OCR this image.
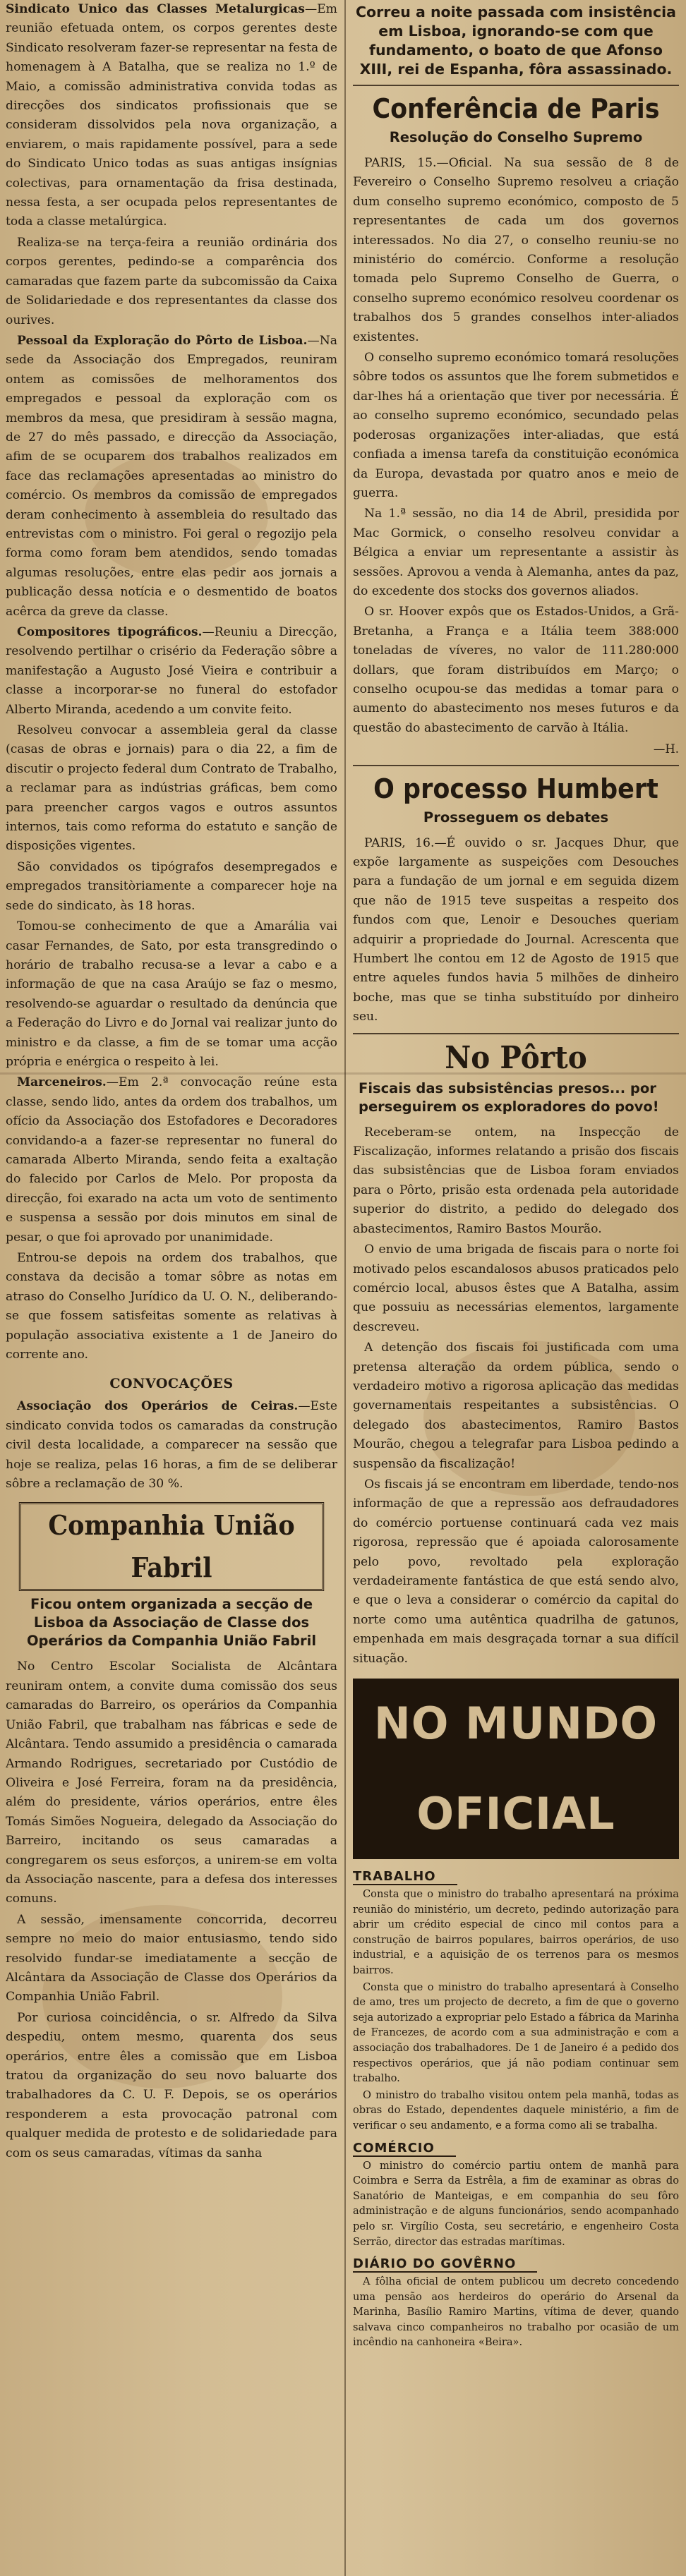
Sindicato Unico das Classes Metalurgicas—Em reunião efetuada ontem, os corpos gerentes deste Sindicato resolveram fazer-se representar na festa de homenagem à A Batalha, que se realiza no 1.º de Maio, a comissão administrativa convida todas as direcções dos sindicatos profissionais que se consideram dissolvidos pela nova organização, a enviarem, o mais rapidamente possível, para a sede do Sindicato Unico todas as suas antigas insígnias colectivas, para ornamentação da frisa destinada, nessa festa, a ser ocupada pelos representantes de toda a classe metalúrgica.

Realiza-se na terça-feira a reunião ordinária dos corpos gerentes, pedindo-se a comparência dos camaradas que fazem parte da subcomissão da Caixa de Solidariedade e dos representantes da classe dos ourives.

Pessoal da Exploração do Pôrto de Lisboa.—Na sede da Associação dos Empregados, reuniram ontem as comissões de melhoramentos dos empregados e pessoal da exploração com os membros da mesa, que presidiram à sessão magna, de 27 do mês passado, e direcção da Associação, afim de se ocuparem dos trabalhos realizados em face das reclamações apresentadas ao ministro do comércio. Os membros da comissão de empregados deram conhecimento à assembleia do resultado das entrevistas com o ministro. Foi geral o regozijo pela forma como foram bem atendidos, sendo tomadas algumas resoluções, entre elas pedir aos jornais a publicação dessa notícia e o desmentido de boatos acêrca da greve da classe.

Compositores tipográficos.—Reuniu a Direcção, resolvendo pertilhar o crisério da Federação sôbre a manifestação a Augusto José Vieira e contribuir a classe a incorporar-se no funeral do estofador Alberto Miranda, acedendo a um convite feito.

Resolveu convocar a assembleia geral da classe (casas de obras e jornais) para o dia 22, a fim de discutir o projecto federal dum Contrato de Trabalho, a reclamar para as indústrias gráficas, bem como para preencher cargos vagos e outros assuntos internos, tais como reforma do estatuto e sanção de disposições vigentes.

São convidados os tipógrafos desempregados e empregados transitòriamente a comparecer hoje na sede do sindicato, às 18 horas.

Tomou-se conhecimento de que a Amarália vai casar Fernandes, de Sato, por esta transgredindo o horário de trabalho recusa-se a levar a cabo e a informação de que na casa Araújo se faz o mesmo, resolvendo-se aguardar o resultado da denúncia que a Federação do Livro e do Jornal vai realizar junto do ministro e da classe, a fim de se tomar uma acção própria e enérgica o respeito à lei.

Marceneiros.—Em 2.ª convocação reúne esta classe, sendo lido, antes da ordem dos trabalhos, um ofício da Associação dos Estofadores e Decoradores convidando-a a fazer-se representar no funeral do camarada Alberto Miranda, sendo feita a exaltação do falecido por Carlos de Melo. Por proposta da direcção, foi exarado na acta um voto de sentimento e suspensa a sessão por dois minutos em sinal de pesar, o que foi aprovado por unanimidade.

Entrou-se depois na ordem dos trabalhos, que constava da decisão a tomar sôbre as notas em atraso do Conselho Jurídico da U. O. N., deliberando-se que fossem satisfeitas somente as relativas à população associativa existente a 1 de Janeiro do corrente ano.

CONVOCAÇÕES

Associação dos Operários de Ceiras.—Este sindicato convida todos os camaradas da construção civil desta localidade, a comparecer na sessão que hoje se realiza, pelas 16 horas, a fim de se deliberar sôbre a reclamação de 30 %.

Companhia União Fabril
Ficou ontem organizada a secção de Lisboa da Associação de Classe dos Operários da Companhia União Fabril

No Centro Escolar Socialista de Alcântara reuniram ontem, a convite duma comissão dos seus camaradas do Barreiro, os operários da Companhia União Fabril, que trabalham nas fábricas e sede de Alcântara. Tendo assumido a presidência o camarada Armando Rodrigues, secretariado por Custódio de Oliveira e José Ferreira, foram na da presidência, além do presidente, vários operários, entre êles Tomás Simões Nogueira, delegado da Associação do Barreiro, incitando os seus camaradas a congregarem os seus esforços, a unirem-se em volta da Associação nascente, para a defesa dos interesses comuns.

A sessão, imensamente concorrida, decorreu sempre no meio do maior entusiasmo, tendo sido resolvido fundar-se imediatamente a secção de Alcântara da Associação de Classe dos Operários da Companhia União Fabril.

Por curiosa coincidência, o sr. Alfredo da Silva despediu, ontem mesmo, quarenta dos seus operários, entre êles a comissão que em Lisboa tratou da organização do seu novo baluarte dos trabalhadores da C. U. F. Depois, se os operários responderem a esta provocação patronal com qualquer medida de protesto e de solidariedade para com os seus camaradas, vítimas da sanha

Correu a noite passada com insistência em Lisboa, ignorando-se com que fundamento, o boato de que Afonso XIII, rei de Espanha, fôra assassinado.
Conferência de Paris
Resolução do Conselho Supremo

PARIS, 15.—Oficial. Na sua sessão de 8 de Fevereiro o Conselho Supremo resolveu a criação dum conselho supremo económico, composto de 5 representantes de cada um dos governos interessados. No dia 27, o conselho reuniu-se no ministério do comércio. Conforme a resolução tomada pelo Supremo Conselho de Guerra, o conselho supremo económico resolveu coordenar os trabalhos dos 5 grandes conselhos inter-aliados existentes.

O conselho supremo económico tomará resoluções sôbre todos os assuntos que lhe forem submetidos e dar-lhes há a orientação que tiver por necessária. É ao conselho supremo económico, secundado pelas poderosas organizações inter-aliadas, que está confiada a imensa tarefa da constituição económica da Europa, devastada por quatro anos e meio de guerra.

Na 1.ª sessão, no dia 14 de Abril, presidida por Mac Gormick, o conselho resolveu convidar a Bélgica a enviar um representante a assistir às sessões. Aprovou a venda à Alemanha, antes da paz, do excedente dos stocks dos governos aliados.

O sr. Hoover expôs que os Estados-Unidos, a Grã-Bretanha, a França e a Itália teem 388:000 toneladas de víveres, no valor de 111.280:000 dollars, que foram distribuídos em Março; o conselho ocupou-se das medidas a tomar para o aumento do abastecimento nos meses futuros e da questão do abastecimento de carvão à Itália.

—H.

O processo Humbert
Prosseguem os debates

PARIS, 16.—É ouvido o sr. Jacques Dhur, que expõe largamente as suspeições com Desouches para a fundação de um jornal e em seguida dizem que não de 1915 teve suspeitas a respeito dos fundos com que, Lenoir e Desouches queriam adquirir a propriedade do Journal. Acrescenta que Humbert lhe contou em 12 de Agosto de 1915 que entre aqueles fundos havia 5 milhões de dinheiro boche, mas que se tinha substituído por dinheiro seu.

No Pôrto
Fiscais das subsistências presos... por perseguirem os exploradores do povo!

Receberam-se ontem, na Inspecção de Fiscalização, informes relatando a prisão dos fiscais das subsistências que de Lisboa foram enviados para o Pôrto, prisão esta ordenada pela autoridade superior do distrito, a pedido do delegado dos abastecimentos, Ramiro Bastos Mourão.

O envio de uma brigada de fiscais para o norte foi motivado pelos escandalosos abusos praticados pelo comércio local, abusos êstes que A Batalha, assim que possuiu as necessárias elementos, largamente descreveu.

A detenção dos fiscais foi justificada com uma pretensa alteração da ordem pública, sendo o verdadeiro motivo a rigorosa aplicação das medidas governamentais respeitantes a subsistências. O delegado dos abastecimentos, Ramiro Bastos Mourão, chegou a telegrafar para Lisboa pedindo a suspensão da fiscalização!

Os fiscais já se encontram em liberdade, tendo-nos informação de que a repressão aos defraudadores do comércio portuense continuará cada vez mais rigorosa, repressão que é apoiada calorosamente pelo povo, revoltado pela exploração verdadeiramente fantástica de que está sendo alvo, e que o leva a considerar o comércio da capital do norte como uma autêntica quadrilha de gatunos, empenhada em mais desgraçada tornar a sua difícil situação.

NO MUNDO OFICIAL
TRABALHO

Consta que o ministro do trabalho apresentará na próxima reunião do ministério, um decreto, pedindo autorização para abrir um crédito especial de cinco mil contos para a construção de bairros populares, bairros operários, de uso industrial, e a aquisição de os terrenos para os mesmos bairros.

Consta que o ministro do trabalho apresentará à Conselho de amo, tres um projecto de decreto, a fim de que o governo seja autorizado a expropriar pelo Estado a fábrica da Marinha de Francezes, de acordo com a sua administração e com a associação dos trabalhadores. De 1 de Janeiro é a pedido dos respectivos operários, que já não podiam continuar sem trabalho.

O ministro do trabalho visitou ontem pela manhã, todas as obras do Estado, dependentes daquele ministério, a fim de verificar o seu andamento, e a forma como ali se trabalha.

COMÉRCIO

O ministro do comércio partiu ontem de manhã para Coimbra e Serra da Estrêla, a fim de examinar as obras do Sanatório de Manteigas, e em companhia do seu fôro administração e de alguns funcionários, sendo acompanhado pelo sr. Virgílio Costa, seu secretário, e engenheiro Costa Serrão, director das estradas marítimas.

DIÁRIO DO GOVÊRNO

A fôlha oficial de ontem publicou um decreto concedendo uma pensão aos herdeiros do operário do Arsenal da Marinha, Basílio Ramiro Martins, vítima de dever, quando salvava cinco companheiros no trabalho por ocasião de um incêndio na canhoneira «Beira».
